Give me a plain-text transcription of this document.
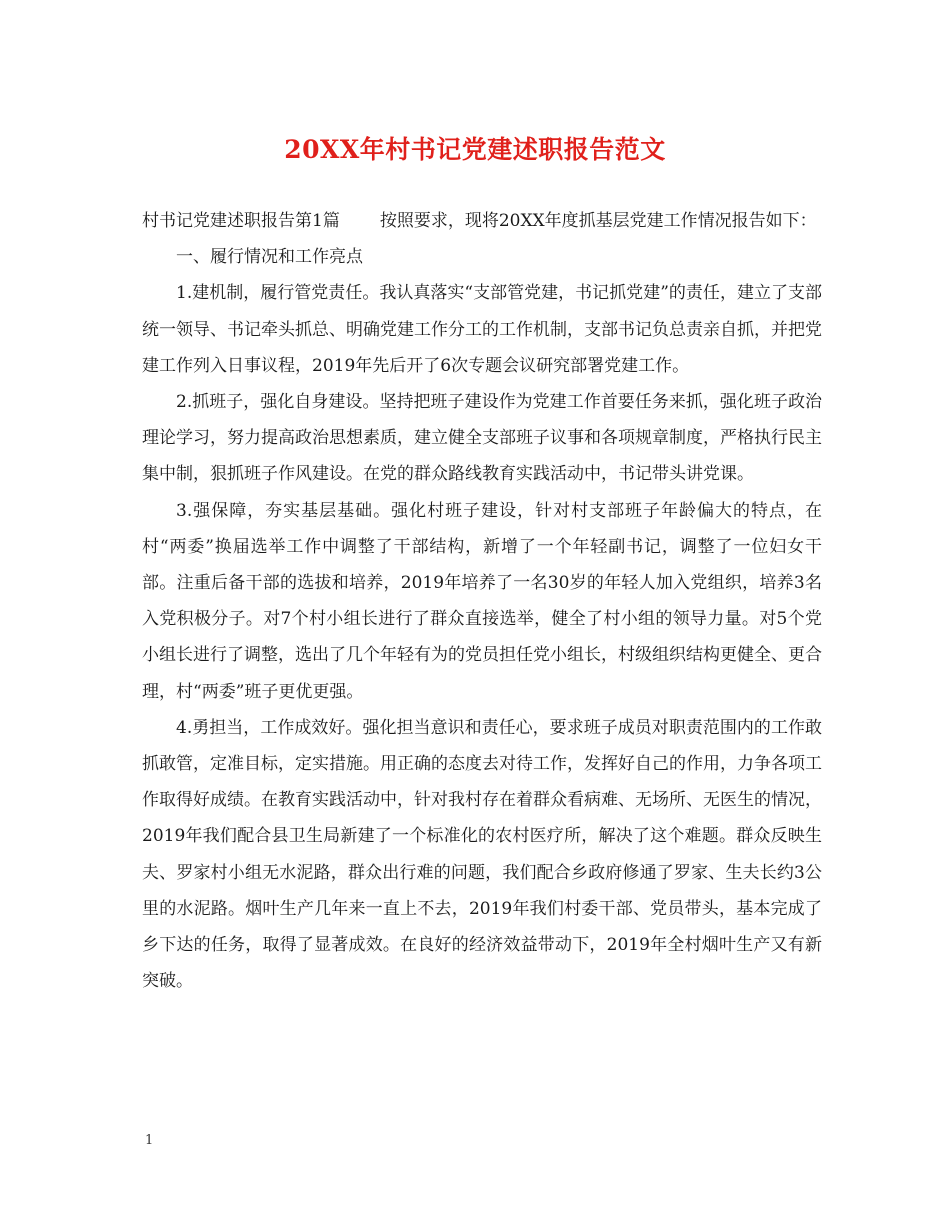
20XX年村书记党建述职报告范文

村书记党建述职报告第1篇 按照要求，现将20XX年度抓基层党建工作情况报告如下：

一、履行情况和工作亮点

1.建机制，履行管党责任。我认真落实“支部管党建，书记抓党建”的责任，建立了支部统一领导、书记牵头抓总、明确党建工作分工的工作机制，支部书记负总责亲自抓，并把党建工作列入日事议程，2019年先后开了6次专题会议研究部署党建工作。

2.抓班子，强化自身建设。坚持把班子建设作为党建工作首要任务来抓，强化班子政治理论学习，努力提高政治思想素质，建立健全支部班子议事和各项规章制度，严格执行民主集中制，狠抓班子作风建设。在党的群众路线教育实践活动中，书记带头讲党课。

3.强保障，夯实基层基础。强化村班子建设，针对村支部班子年龄偏大的特点，在村“两委”换届选举工作中调整了干部结构，新增了一个年轻副书记，调整了一位妇女干部。注重后备干部的选拔和培养，2019年培养了一名30岁的年轻人加入党组织，培养3名入党积极分子。对7个村小组长进行了群众直接选举，健全了村小组的领导力量。对5个党小组长进行了调整，选出了几个年轻有为的党员担任党小组长，村级组织结构更健全、更合理，村“两委”班子更优更强。

4.勇担当，工作成效好。强化担当意识和责任心，要求班子成员对职责范围内的工作敢抓敢管，定准目标，定实措施。用正确的态度去对待工作，发挥好自己的作用，力争各项工作取得好成绩。在教育实践活动中，针对我村存在着群众看病难、无场所、无医生的情况，2019年我们配合县卫生局新建了一个标准化的农村医疗所，解决了这个难题。群众反映生夫、罗家村小组无水泥路，群众出行难的问题，我们配合乡政府修通了罗家、生夫长约3公里的水泥路。烟叶生产几年来一直上不去，2019年我们村委干部、党员带头，基本完成了乡下达的任务，取得了显著成效。在良好的经济效益带动下，2019年全村烟叶生产又有新突破。

1
